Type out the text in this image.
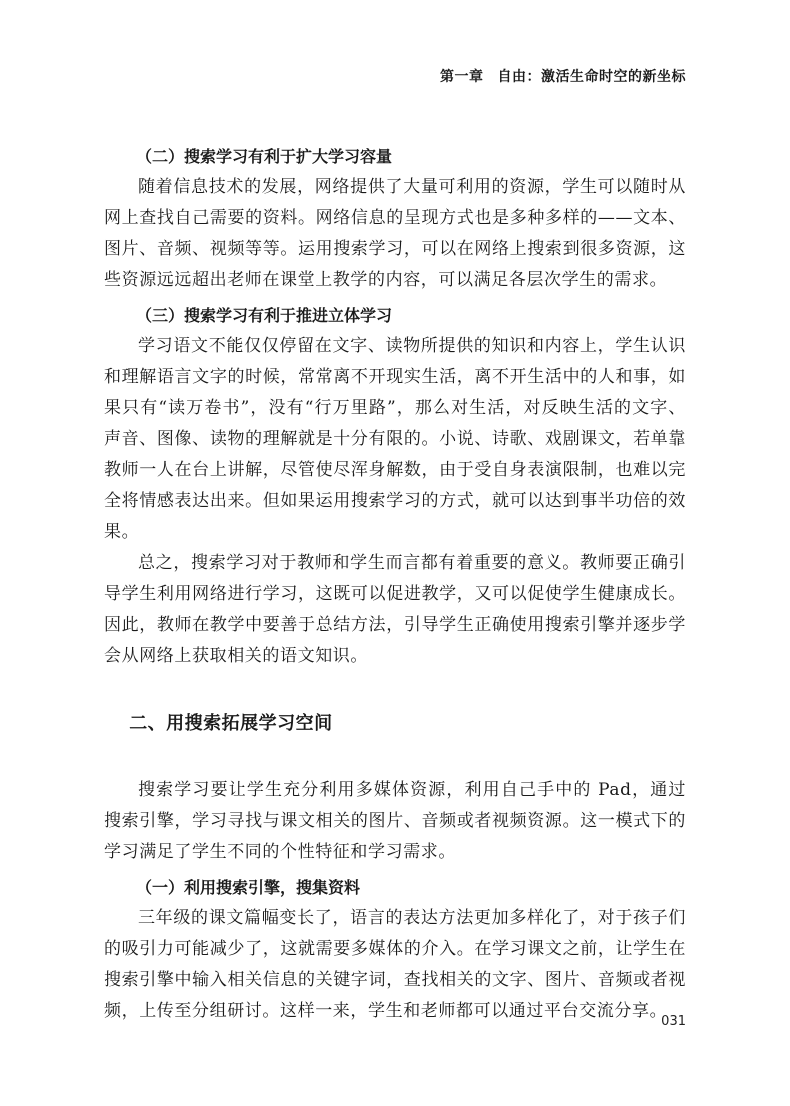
第一章 自由：激活生命时空的新坐标
（二）搜索学习有利于扩大学习容量

随着信息技术的发展，网络提供了大量可利用的资源，学生可以随时从网上查找自己需要的资料。网络信息的呈现方式也是多种多样的——文本、图片、音频、视频等等。运用搜索学习，可以在网络上搜索到很多资源，这些资源远远超出老师在课堂上教学的内容，可以满足各层次学生的需求。

（三）搜索学习有利于推进立体学习

学习语文不能仅仅停留在文字、读物所提供的知识和内容上，学生认识和理解语言文字的时候，常常离不开现实生活，离不开生活中的人和事，如果只有“读万卷书”，没有“行万里路”，那么对生活，对反映生活的文字、声音、图像、读物的理解就是十分有限的。小说、诗歌、戏剧课文，若单靠教师一人在台上讲解，尽管使尽浑身解数，由于受自身表演限制，也难以完全将情感表达出来。但如果运用搜索学习的方式，就可以达到事半功倍的效果。

总之，搜索学习对于教师和学生而言都有着重要的意义。教师要正确引导学生利用网络进行学习，这既可以促进教学，又可以促使学生健康成长。因此，教师在教学中要善于总结方法，引导学生正确使用搜索引擎并逐步学会从网络上获取相关的语文知识。

二、用搜索拓展学习空间

搜索学习要让学生充分利用多媒体资源，利用自己手中的 Pad，通过搜索引擎，学习寻找与课文相关的图片、音频或者视频资源。这一模式下的学习满足了学生不同的个性特征和学习需求。

（一）利用搜索引擎，搜集资料

三年级的课文篇幅变长了，语言的表达方法更加多样化了，对于孩子们的吸引力可能减少了，这就需要多媒体的介入。在学习课文之前，让学生在搜索引擎中输入相关信息的关键字词，查找相关的文字、图片、音频或者视频，上传至分组研讨。这样一来，学生和老师都可以通过平台交流分享。

031
